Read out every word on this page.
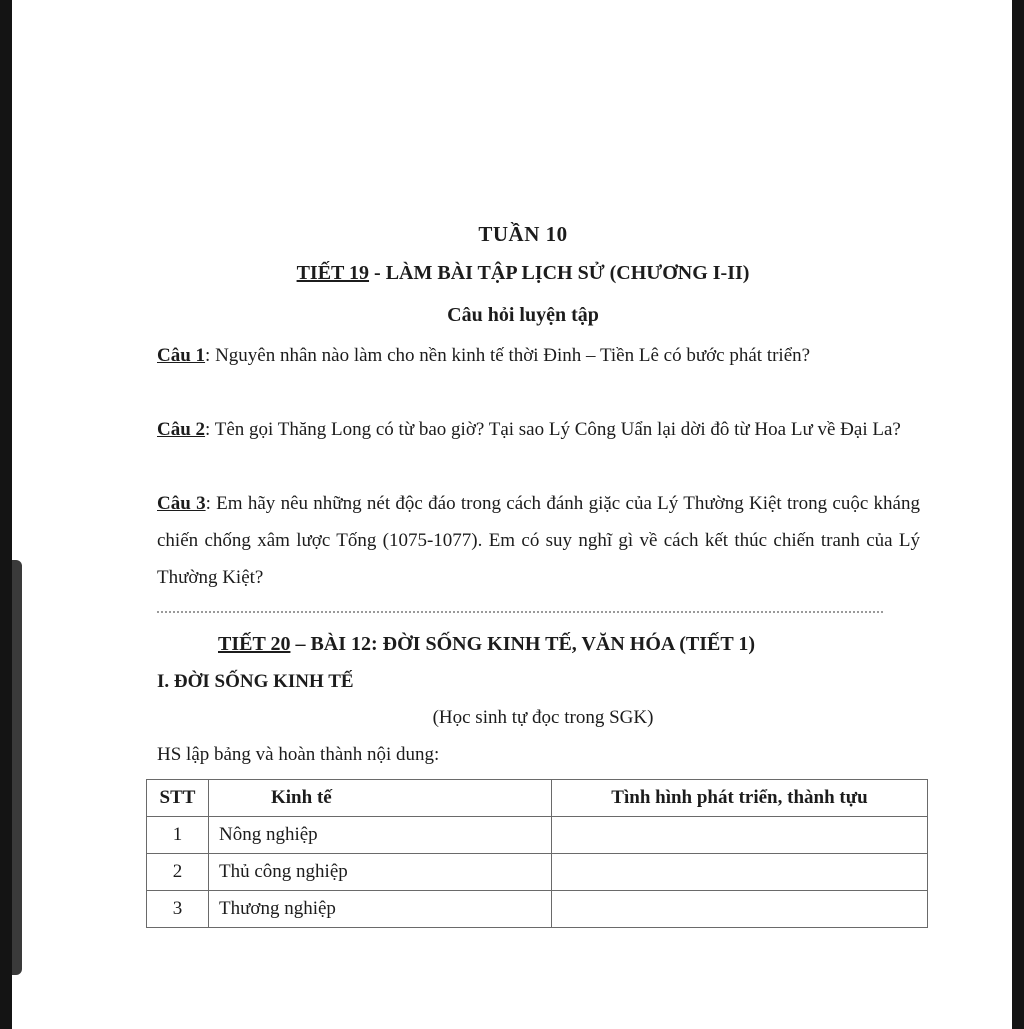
TUẦN 10
TIẾT 19 - LÀM BÀI TẬP LỊCH SỬ (CHƯƠNG I-II)
Câu hỏi luyện tập
Câu 1: Nguyên nhân nào làm cho nền kinh tế thời Đinh – Tiền Lê có bước phát triển?
Câu 2: Tên gọi Thăng Long có từ bao giờ? Tại sao Lý Công Uẩn lại dời đô từ Hoa Lư về Đại La?
Câu 3: Em hãy nêu những nét độc đáo trong cách đánh giặc của Lý Thường Kiệt trong cuộc kháng chiến chống xâm lược Tống (1075-1077). Em có suy nghĩ gì về cách kết thúc chiến tranh của Lý Thường Kiệt?
TIẾT 20 – BÀI 12: ĐỜI SỐNG KINH TẾ, VĂN HÓA (TIẾT 1)
I. ĐỜI SỐNG KINH TẾ
(Học sinh tự đọc trong SGK)
HS lập bảng và hoàn thành nội dung:
STT	Kinh tế	Tình hình phát triển, thành tựu
1	Nông nghiệp	
2	Thủ công nghiệp	
3	Thương nghiệp	
